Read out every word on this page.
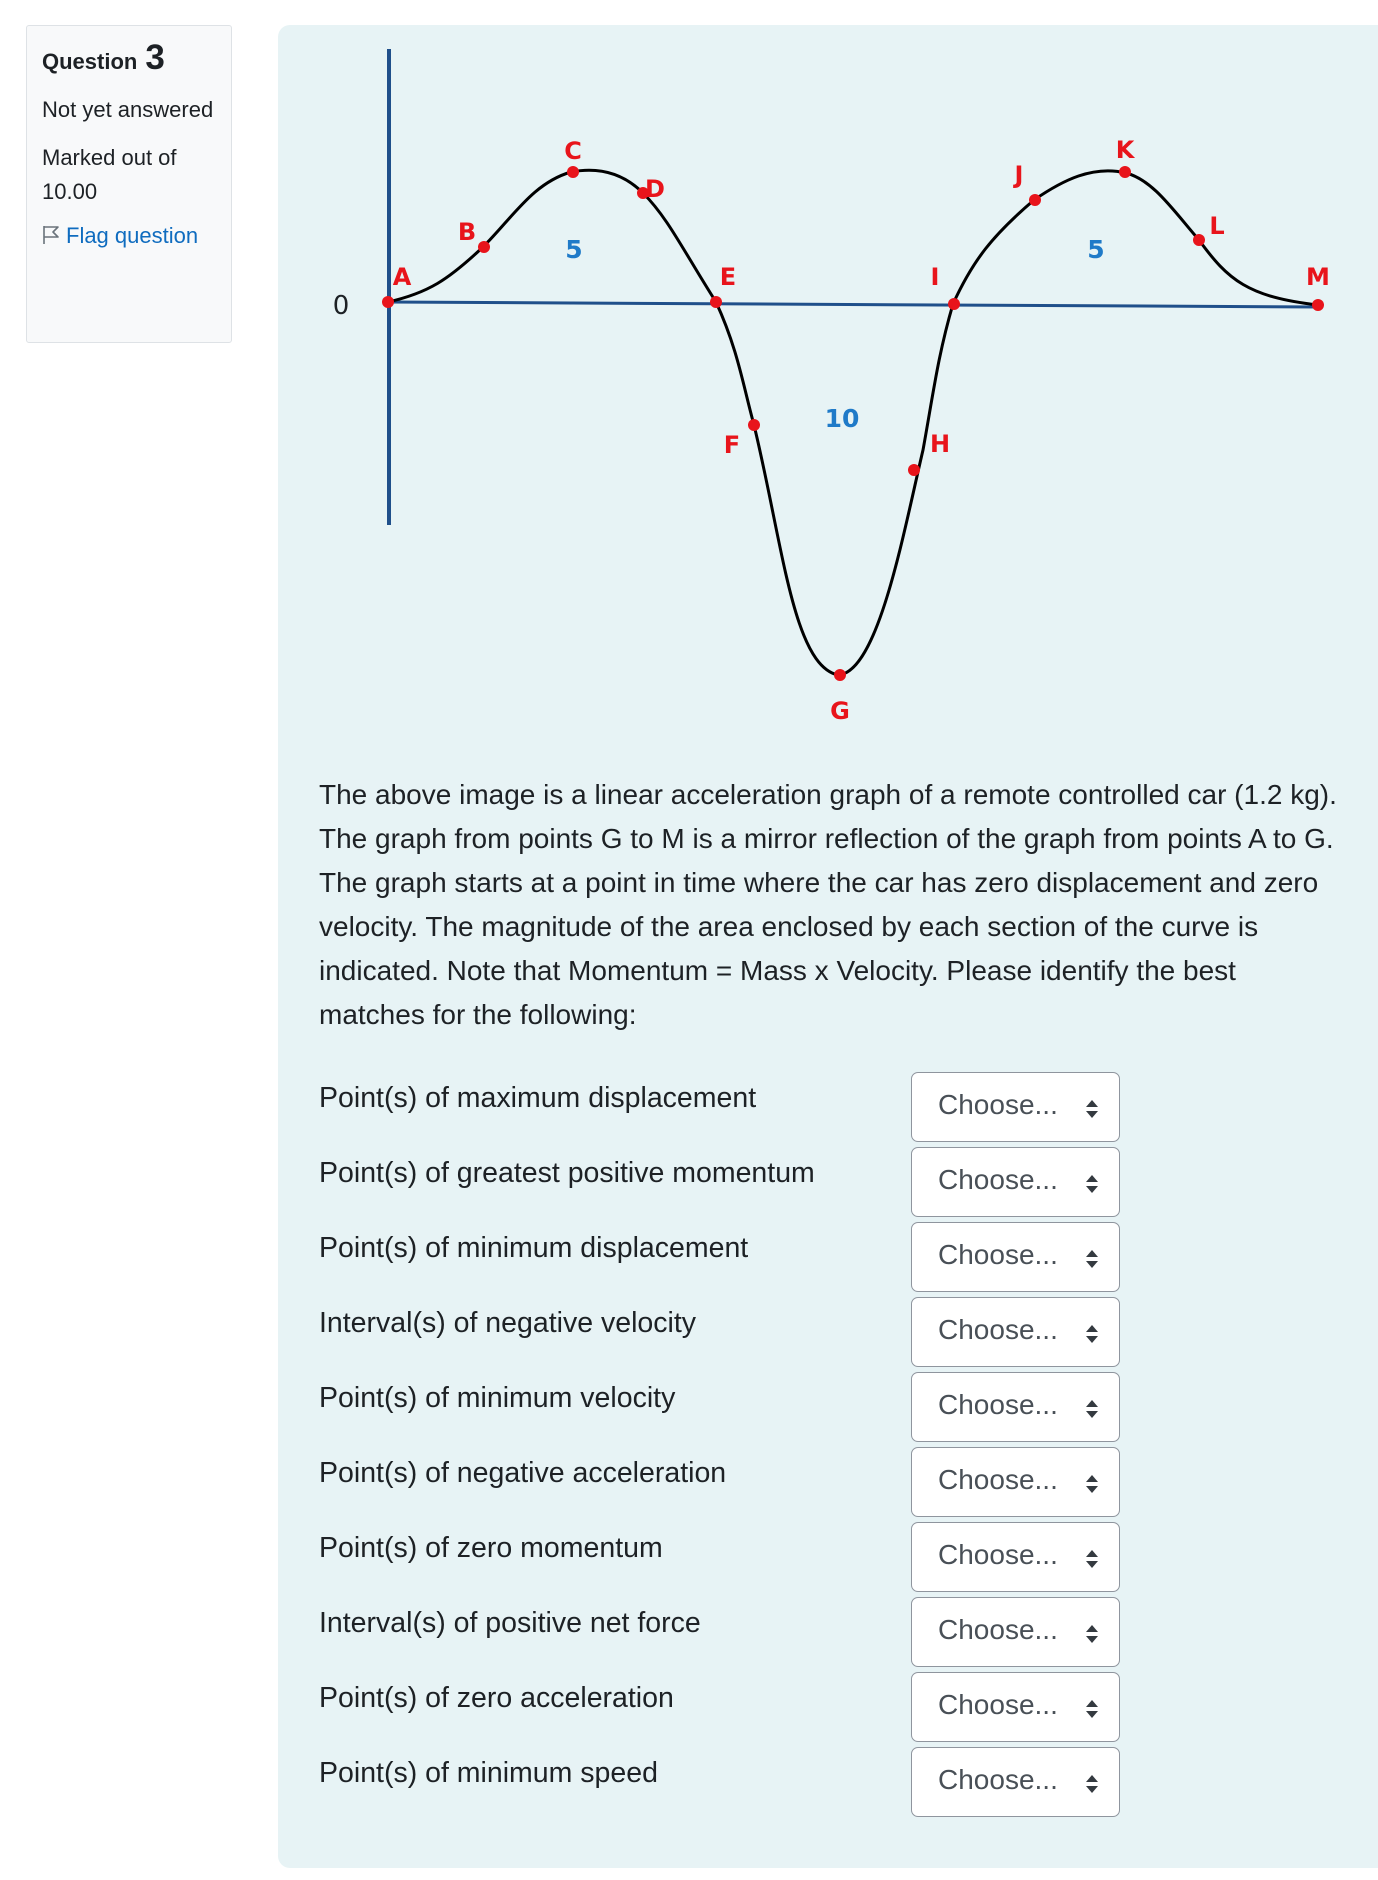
Question 3
Not yet answered
Marked out of 10.00
Flag question
0
A
B
C
D
E
F
G
H
I
J
K
L
M
5
10
5
The above image is a linear acceleration graph of a remote controlled car (1.2 kg). The graph from points G to M is a mirror reflection of the graph from points A to G. The graph starts at a point in time where the car has zero displacement and zero velocity. The magnitude of the area enclosed by each section of the curve is indicated. Note that Momentum = Mass x Velocity. Please identify the best matches for the following:
Point(s) of maximum displacement	Choose...
Point(s) of greatest positive momentum	Choose...
Point(s) of minimum displacement	Choose...
Interval(s) of negative velocity	Choose...
Point(s) of minimum velocity	Choose...
Point(s) of negative acceleration	Choose...
Point(s) of zero momentum	Choose...
Interval(s) of positive net force	Choose...
Point(s) of zero acceleration	Choose...
Point(s) of minimum speed	Choose...
